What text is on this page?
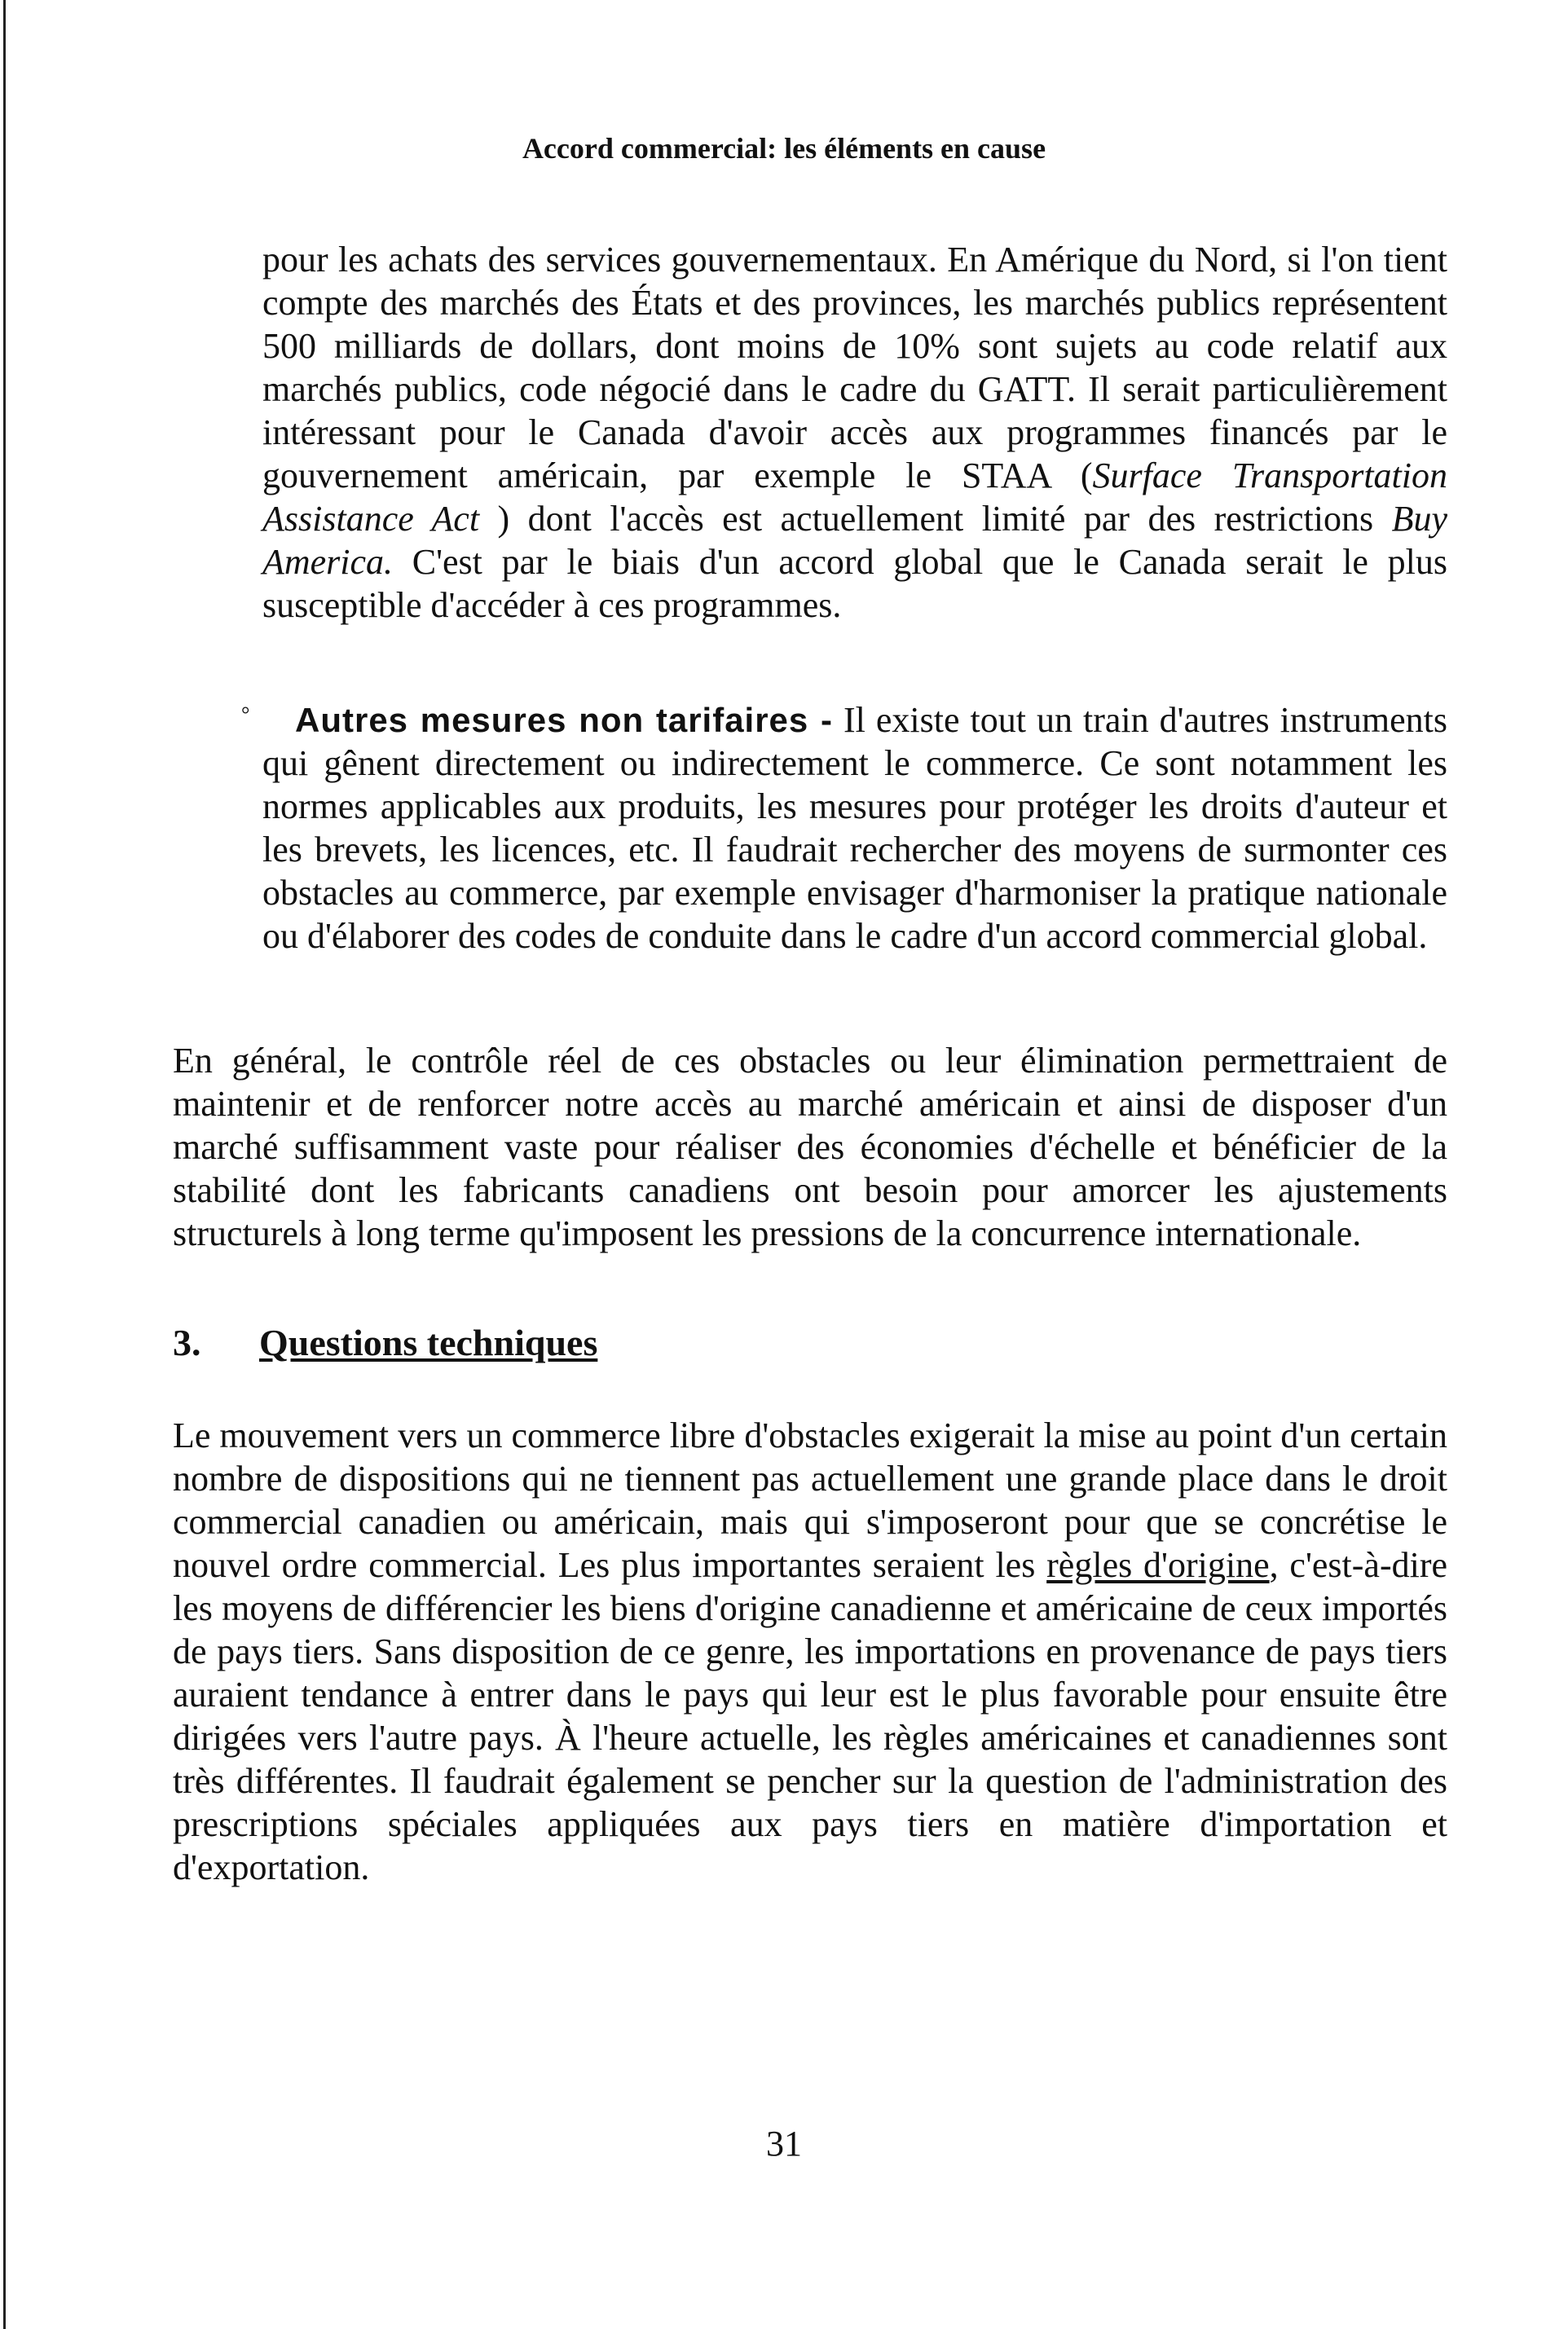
Accord commercial: les éléments en cause

pour les achats des services gouvernementaux. En Amérique du Nord, si l'on tient compte des marchés des États et des provinces, les marchés publics représentent 500 milliards de dollars, dont moins de 10% sont sujets au code relatif aux marchés publics, code négocié dans le cadre du GATT. Il serait particulièrement intéressant pour le Canada d'avoir accès aux programmes financés par le gouvernement américain, par exemple le STAA (Surface Transportation Assistance Act ) dont l'accès est actuellement limité par des restrictions Buy America. C'est par le biais d'un accord global que le Canada serait le plus susceptible d'accéder à ces programmes.

° Autres mesures non tarifaires - Il existe tout un train d'autres instruments qui gênent directement ou indirectement le commerce. Ce sont notamment les normes applicables aux produits, les mesures pour protéger les droits d'auteur et les brevets, les licences, etc. Il faudrait rechercher des moyens de surmonter ces obstacles au commerce, par exemple envisager d'harmoniser la pratique nationale ou d'élaborer des codes de conduite dans le cadre d'un accord commercial global.

En général, le contrôle réel de ces obstacles ou leur élimination permettraient de maintenir et de renforcer notre accès au marché américain et ainsi de disposer d'un marché suffisamment vaste pour réaliser des économies d'échelle et bénéficier de la stabilité dont les fabricants canadiens ont besoin pour amorcer les ajustements structurels à long terme qu'imposent les pressions de la concurrence internationale.

3. Questions techniques

Le mouvement vers un commerce libre d'obstacles exigerait la mise au point d'un certain nombre de dispositions qui ne tiennent pas actuellement une grande place dans le droit commercial canadien ou américain, mais qui s'imposeront pour que se concrétise le nouvel ordre commercial. Les plus importantes seraient les règles d'origine, c'est-à-dire les moyens de différencier les biens d'origine canadienne et américaine de ceux importés de pays tiers. Sans disposition de ce genre, les importations en provenance de pays tiers auraient tendance à entrer dans le pays qui leur est le plus favorable pour ensuite être dirigées vers l'autre pays. À l'heure actuelle, les règles américaines et canadiennes sont très différentes. Il faudrait également se pencher sur la question de l'administration des prescriptions spéciales appliquées aux pays tiers en matière d'importation et d'exportation.

31
